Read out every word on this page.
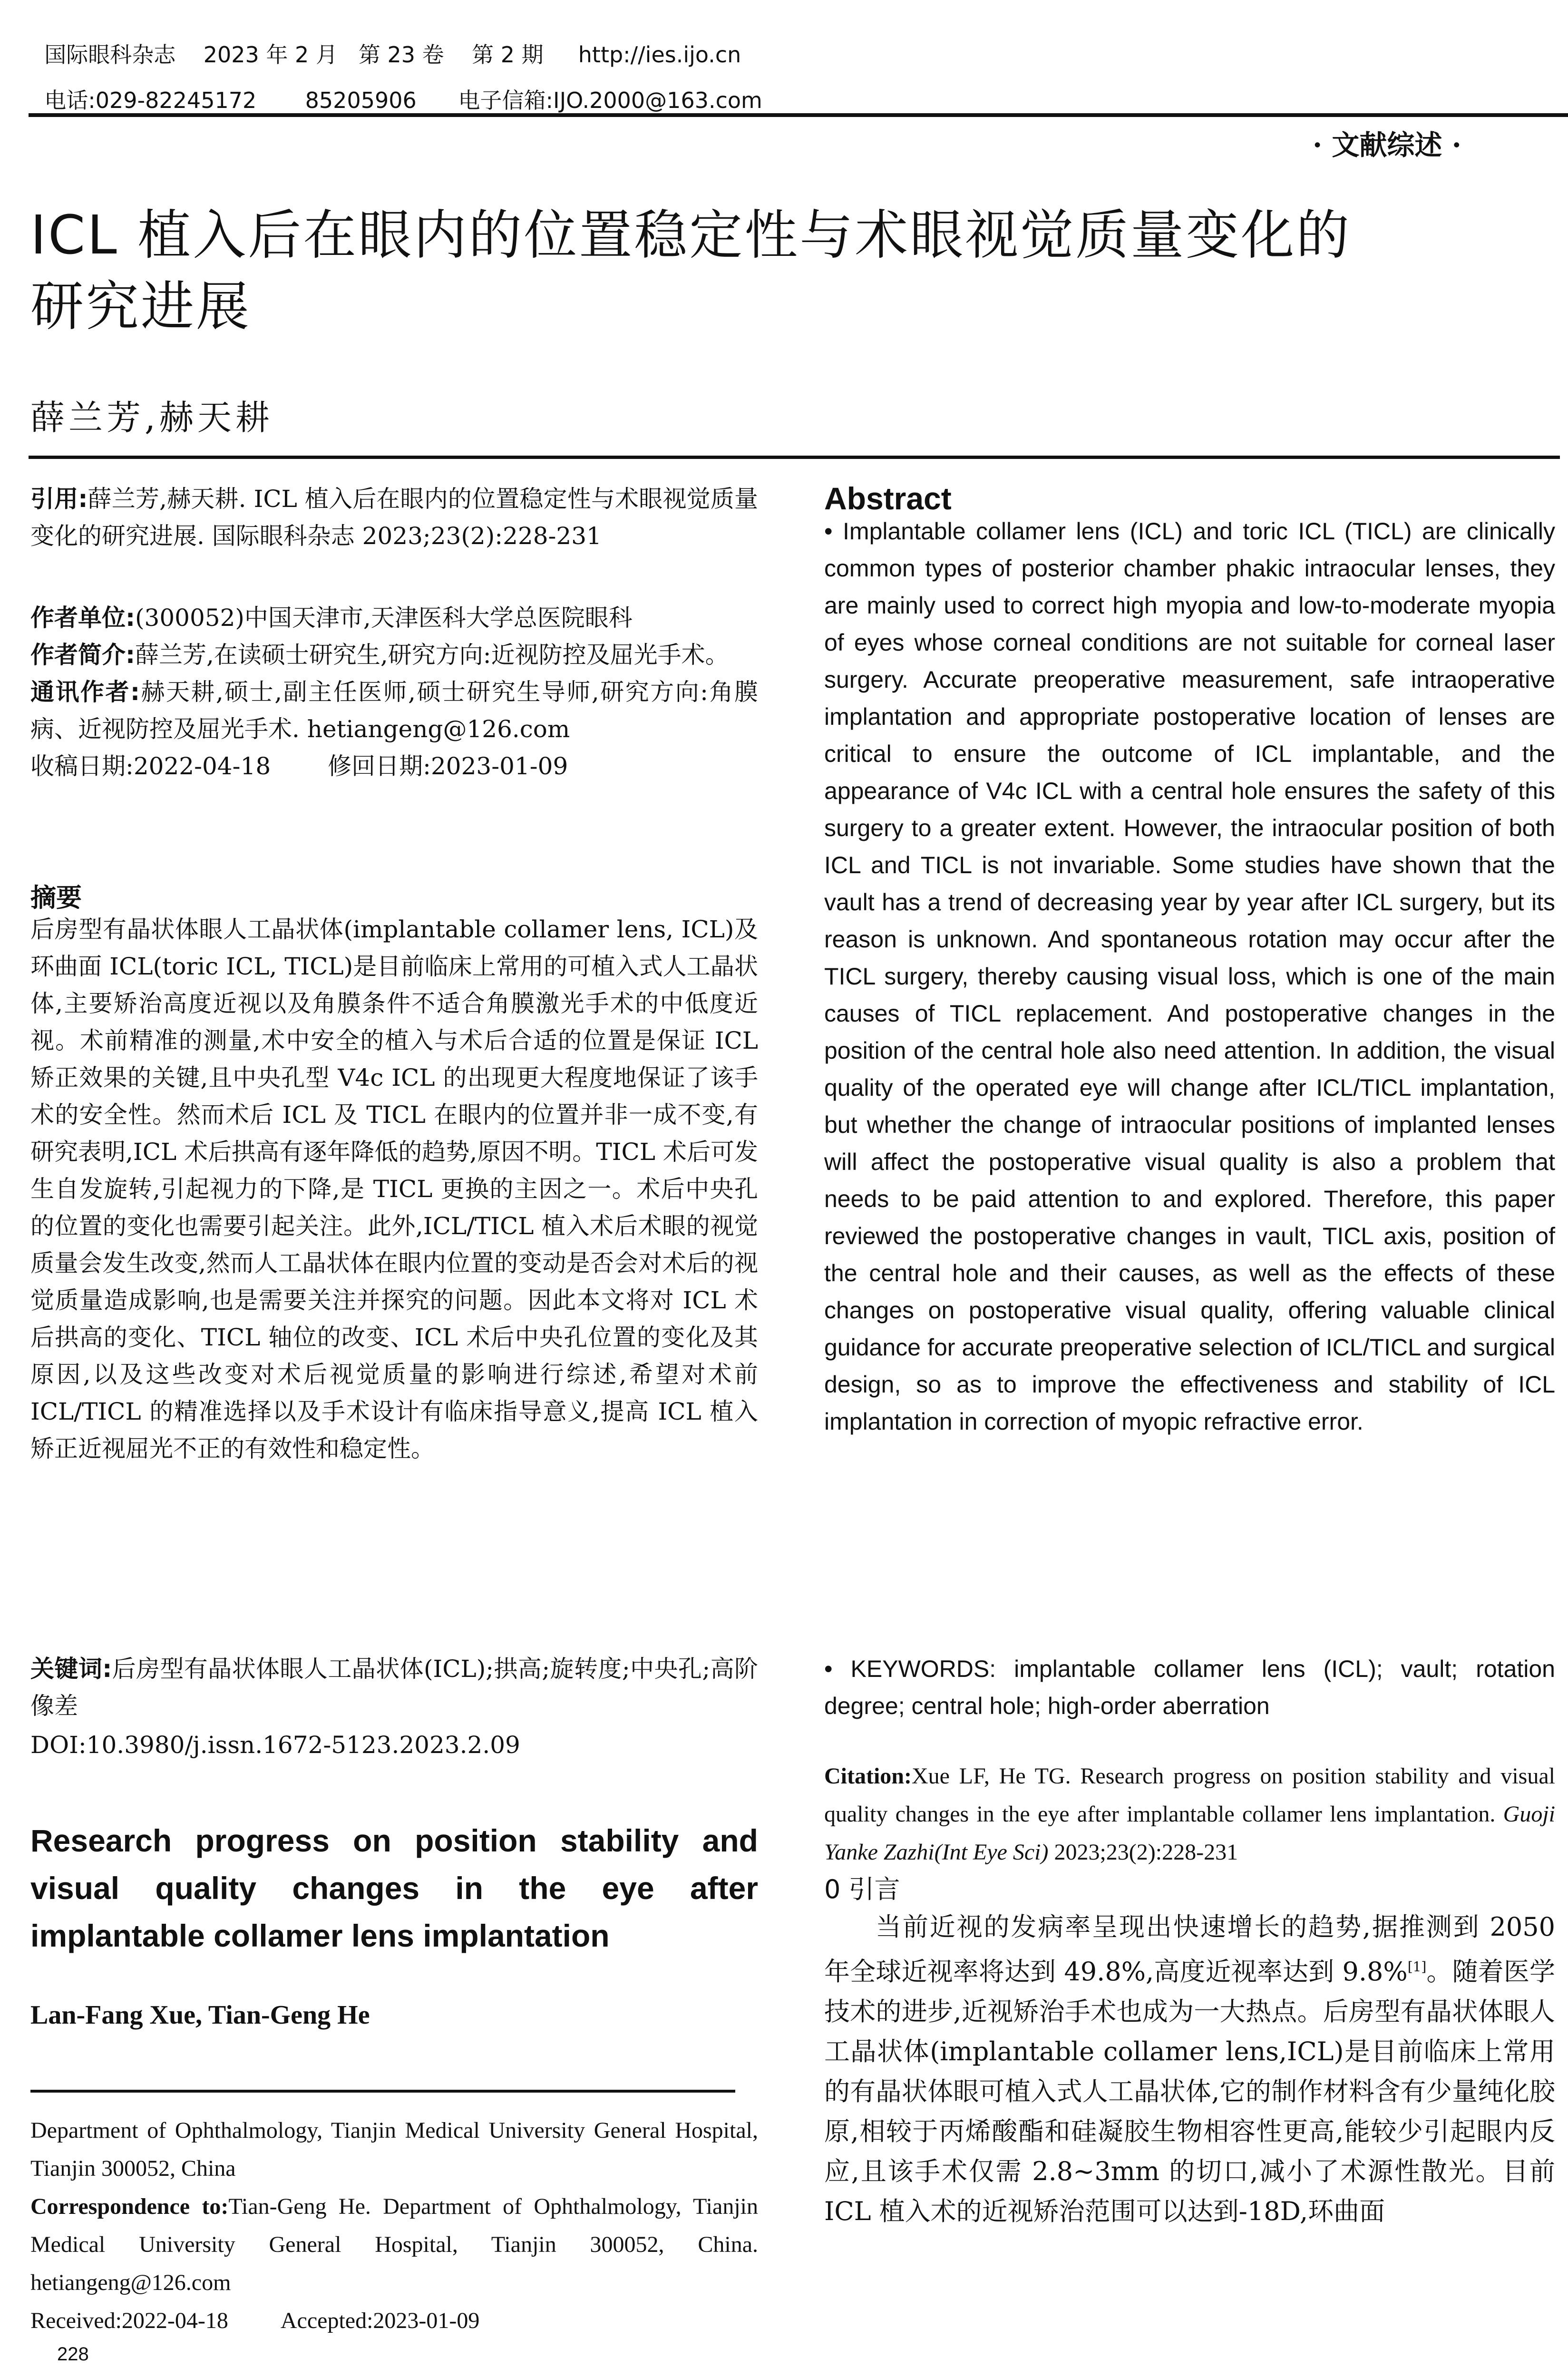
国际眼科杂志 2023 年 2 月 第 23 卷 第 2 期 http://ies.ijo.cn

电话:029-82245172 85205906 电子信箱:IJO.2000@163.com

· 文献综述 ·
ICL 植入后在眼内的位置稳定性与术眼视觉质量变化的
研究进展
薛兰芳,赫天耕
引用:薛兰芳,赫天耕. ICL 植入后在眼内的位置稳定性与术眼视觉质量变化的研究进展. 国际眼科杂志 2023;23(2):228-231
作者单位:(300052)中国天津市,天津医科大学总医院眼科
作者简介:薛兰芳,在读硕士研究生,研究方向:近视防控及屈光手术。
通讯作者:赫天耕,硕士,副主任医师,硕士研究生导师,研究方向:角膜病、近视防控及屈光手术. hetiangeng@126.com
收稿日期:2022-04-18 修回日期:2023-01-09
摘要
后房型有晶状体眼人工晶状体(implantable collamer lens, ICL)及环曲面 ICL(toric ICL, TICL)是目前临床上常用的可植入式人工晶状体,主要矫治高度近视以及角膜条件不适合角膜激光手术的中低度近视。术前精准的测量,术中安全的植入与术后合适的位置是保证 ICL 矫正效果的关键,且中央孔型 V4c ICL 的出现更大程度地保证了该手术的安全性。然而术后 ICL 及 TICL 在眼内的位置并非一成不变,有研究表明,ICL 术后拱高有逐年降低的趋势,原因不明。TICL 术后可发生自发旋转,引起视力的下降,是 TICL 更换的主因之一。术后中央孔的位置的变化也需要引起关注。此外,ICL/TICL 植入术后术眼的视觉质量会发生改变,然而人工晶状体在眼内位置的变动是否会对术后的视觉质量造成影响,也是需要关注并探究的问题。因此本文将对 ICL 术后拱高的变化、TICL 轴位的改变、ICL 术后中央孔位置的变化及其原因,以及这些改变对术后视觉质量的影响进行综述,希望对术前 ICL/TICL 的精准选择以及手术设计有临床指导意义,提高 ICL 植入矫正近视屈光不正的有效性和稳定性。
关键词:后房型有晶状体眼人工晶状体(ICL);拱高;旋转度;中央孔;高阶像差
DOI:10.3980/j.issn.1672-5123.2023.2.09
Research progress on position stability and visual quality changes in the eye after implantable collamer lens implantation
Lan-Fang Xue, Tian-Geng He
Department of Ophthalmology, Tianjin Medical University General Hospital, Tianjin 300052, China
Correspondence to:Tian-Geng He. Department of Ophthalmology, Tianjin Medical University General Hospital, Tianjin 300052, China. hetiangeng@126.com
Received:2022-04-18 Accepted:2023-01-09
228
Abstract
• Implantable collamer lens (ICL) and toric ICL (TICL) are clinically common types of posterior chamber phakic intraocular lenses, they are mainly used to correct high myopia and low-to-moderate myopia of eyes whose corneal conditions are not suitable for corneal laser surgery. Accurate preoperative measurement, safe intraoperative implantation and appropriate postoperative location of lenses are critical to ensure the outcome of ICL implantable, and the appearance of V4c ICL with a central hole ensures the safety of this surgery to a greater extent. However, the intraocular position of both ICL and TICL is not invariable. Some studies have shown that the vault has a trend of decreasing year by year after ICL surgery, but its reason is unknown. And spontaneous rotation may occur after the TICL surgery, thereby causing visual loss, which is one of the main causes of TICL replacement. And postoperative changes in the position of the central hole also need attention. In addition, the visual quality of the operated eye will change after ICL/TICL implantation, but whether the change of intraocular positions of implanted lenses will affect the postoperative visual quality is also a problem that needs to be paid attention to and explored. Therefore, this paper reviewed the postoperative changes in vault, TICL axis, position of the central hole and their causes, as well as the effects of these changes on postoperative visual quality, offering valuable clinical guidance for accurate preoperative selection of ICL/TICL and surgical design, so as to improve the effectiveness and stability of ICL implantation in correction of myopic refractive error.
• KEYWORDS: implantable collamer lens (ICL); vault; rotation degree; central hole; high-order aberration
Citation:Xue LF, He TG. Research progress on position stability and visual quality changes in the eye after implantable collamer lens implantation. Guoji Yanke Zazhi(Int Eye Sci) 2023;23(2):228-231
0 引言
当前近视的发病率呈现出快速增长的趋势,据推测到 2050 年全球近视率将达到 49.8%,高度近视率达到 9.8%[1]。随着医学技术的进步,近视矫治手术也成为一大热点。后房型有晶状体眼人工晶状体(implantable collamer lens,ICL)是目前临床上常用的有晶状体眼可植入式人工晶状体,它的制作材料含有少量纯化胶原,相较于丙烯酸酯和硅凝胶生物相容性更高,能较少引起眼内反应,且该手术仅需 2.8~3mm 的切口,减小了术源性散光。目前 ICL 植入术的近视矫治范围可以达到-18D,环曲面
